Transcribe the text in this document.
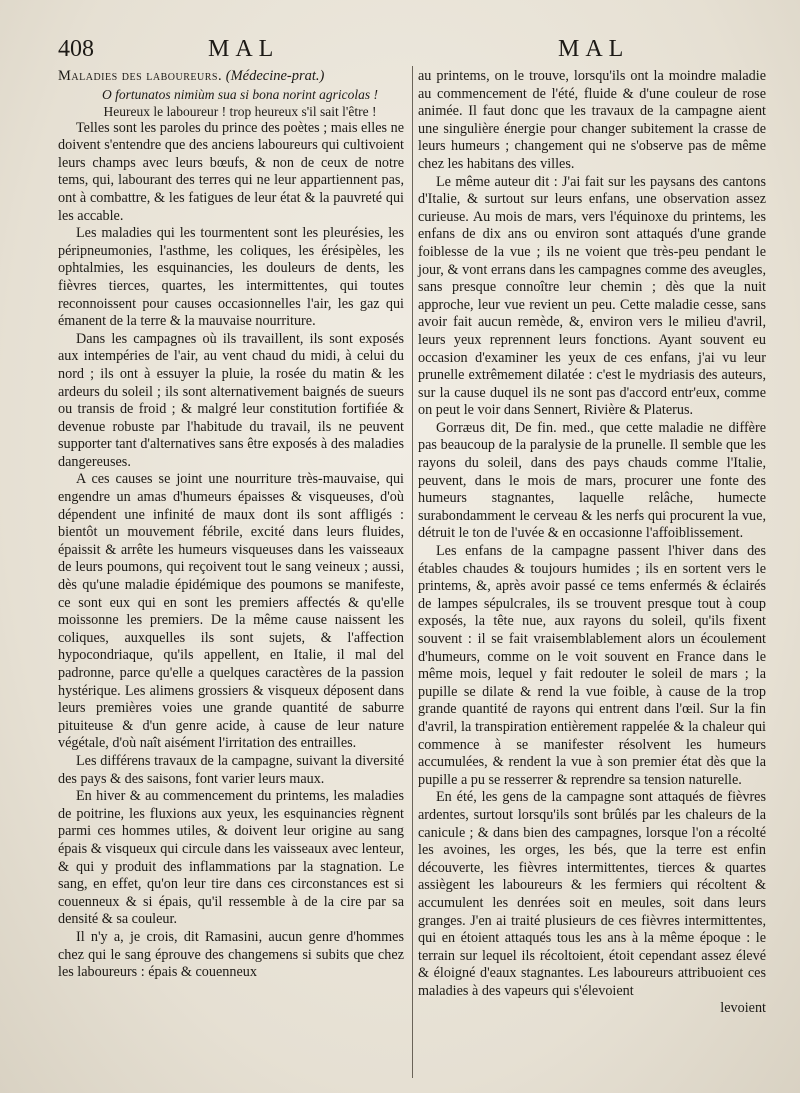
408	MAL	MAL

Maladies des laboureurs. (Médecine-prat.)

O fortunatos nimiùm sua si bona norint agricolas !

Heureux le laboureur ! trop heureux s'il sait l'être !

Telles sont les paroles du prince des poètes ; mais elles ne doivent s'entendre que des anciens laboureurs qui cultivoient leurs champs avec leurs bœufs, & non de ceux de notre tems, qui, labourant des terres qui ne leur appartiennent pas, ont à combattre, & les fatigues de leur état & la pauvreté qui les accable.

Les maladies qui les tourmentent sont les pleurésies, les péripneumonies, l'asthme, les coliques, les érésipèles, les ophtalmies, les esquinancies, les douleurs de dents, les fièvres tierces, quartes, les intermittentes, qui toutes reconnoissent pour causes occasionnelles l'air, les gaz qui émanent de la terre & la mauvaise nourriture.

Dans les campagnes où ils travaillent, ils sont exposés aux intempéries de l'air, au vent chaud du midi, à celui du nord ; ils ont à essuyer la pluie, la rosée du matin & les ardeurs du soleil ; ils sont alternativement baignés de sueurs ou transis de froid ; & malgré leur constitution fortifiée & devenue robuste par l'habitude du travail, ils ne peuvent supporter tant d'alternatives sans être exposés à des maladies dangereuses.

A ces causes se joint une nourriture très-mauvaise, qui engendre un amas d'humeurs épaisses & visqueuses, d'où dépendent une infinité de maux dont ils sont affligés : bientôt un mouvement fébrile, excité dans leurs fluides, épaissit & arrête les humeurs visqueuses dans les vaisseaux de leurs poumons, qui reçoivent tout le sang veineux ; aussi, dès qu'une maladie épidémique des poumons se manifeste, ce sont eux qui en sont les premiers affectés & qu'elle moissonne les premiers. De la même cause naissent les coliques, auxquelles ils sont sujets, & l'affection hypocondriaque, qu'ils appellent, en Italie, il mal del padronne, parce qu'elle a quelques caractères de la passion hystérique. Les alimens grossiers & visqueux déposent dans leurs premières voies une grande quantité de saburre pituiteuse & d'un genre acide, à cause de leur nature végétale, d'où naît aisément l'irritation des entrailles.

Les différens travaux de la campagne, suivant la diversité des pays & des saisons, font varier leurs maux.

En hiver & au commencement du printems, les maladies de poitrine, les fluxions aux yeux, les esquinancies règnent parmi ces hommes utiles, & doivent leur origine au sang épais & visqueux qui circule dans les vaisseaux avec lenteur, & qui y produit des inflammations par la stagnation. Le sang, en effet, qu'on leur tire dans ces circonstances est si couenneux & si épais, qu'il ressemble à de la cire par sa densité & sa couleur.

Il n'y a, je crois, dit Ramasini, aucun genre d'hommes chez qui le sang éprouve des changemens si subits que chez les laboureurs : épais & couenneux

au printems, on le trouve, lorsqu'ils ont la moindre maladie au commencement de l'été, fluide & d'une couleur de rose animée. Il faut donc que les travaux de la campagne aient une singulière énergie pour changer subitement la crasse de leurs humeurs ; changement qui ne s'observe pas de même chez les habitans des villes.

Le même auteur dit : J'ai fait sur les paysans des cantons d'Italie, & surtout sur leurs enfans, une observation assez curieuse. Au mois de mars, vers l'équinoxe du printems, les enfans de dix ans ou environ sont attaqués d'une grande foiblesse de la vue ; ils ne voient que très-peu pendant le jour, & vont errans dans les campagnes comme des aveugles, sans presque connoître leur chemin ; dès que la nuit approche, leur vue revient un peu. Cette maladie cesse, sans avoir fait aucun remède, &, environ vers le milieu d'avril, leurs yeux reprennent leurs fonctions. Ayant souvent eu occasion d'examiner les yeux de ces enfans, j'ai vu leur prunelle extrêmement dilatée : c'est le mydriasis des auteurs, sur la cause duquel ils ne sont pas d'accord entr'eux, comme on peut le voir dans Sennert, Rivière & Platerus.

Gorræus dit, De fin. med., que cette maladie ne diffère pas beaucoup de la paralysie de la prunelle. Il semble que les rayons du soleil, dans des pays chauds comme l'Italie, peuvent, dans le mois de mars, procurer une fonte des humeurs stagnantes, laquelle relâche, humecte surabondamment le cerveau & les nerfs qui procurent la vue, détruit le ton de l'uvée & en occasionne l'affoiblissement.

Les enfans de la campagne passent l'hiver dans des étables chaudes & toujours humides ; ils en sortent vers le printems, &, après avoir passé ce tems enfermés & éclairés de lampes sépulcrales, ils se trouvent presque tout à coup exposés, la tête nue, aux rayons du soleil, qu'ils fixent souvent : il se fait vraisemblablement alors un écoulement d'humeurs, comme on le voit souvent en France dans le même mois, lequel y fait redouter le soleil de mars ; la pupille se dilate & rend la vue foible, à cause de la trop grande quantité de rayons qui entrent dans l'œil. Sur la fin d'avril, la transpiration entièrement rappelée & la chaleur qui commence à se manifester résolvent les humeurs accumulées, & rendent la vue à son premier état dès que la pupille a pu se resserrer & reprendre sa tension naturelle.

En été, les gens de la campagne sont attaqués de fièvres ardentes, surtout lorsqu'ils sont brûlés par les chaleurs de la canicule ; & dans bien des campagnes, lorsque l'on a récolté les avoines, les orges, les bés, que la terre est enfin découverte, les fièvres intermittentes, tierces & quartes assiègent les laboureurs & les fermiers qui récoltent & accumulent les denrées soit en meules, soit dans leurs granges. J'en ai traité plusieurs de ces fièvres intermittentes, qui en étoient attaqués tous les ans à la même époque : le terrain sur lequel ils récoltoient, étoit cependant assez élevé & éloigné d'eaux stagnantes. Les laboureurs attribuoient ces maladies à des vapeurs qui s'élevoient

levoient
